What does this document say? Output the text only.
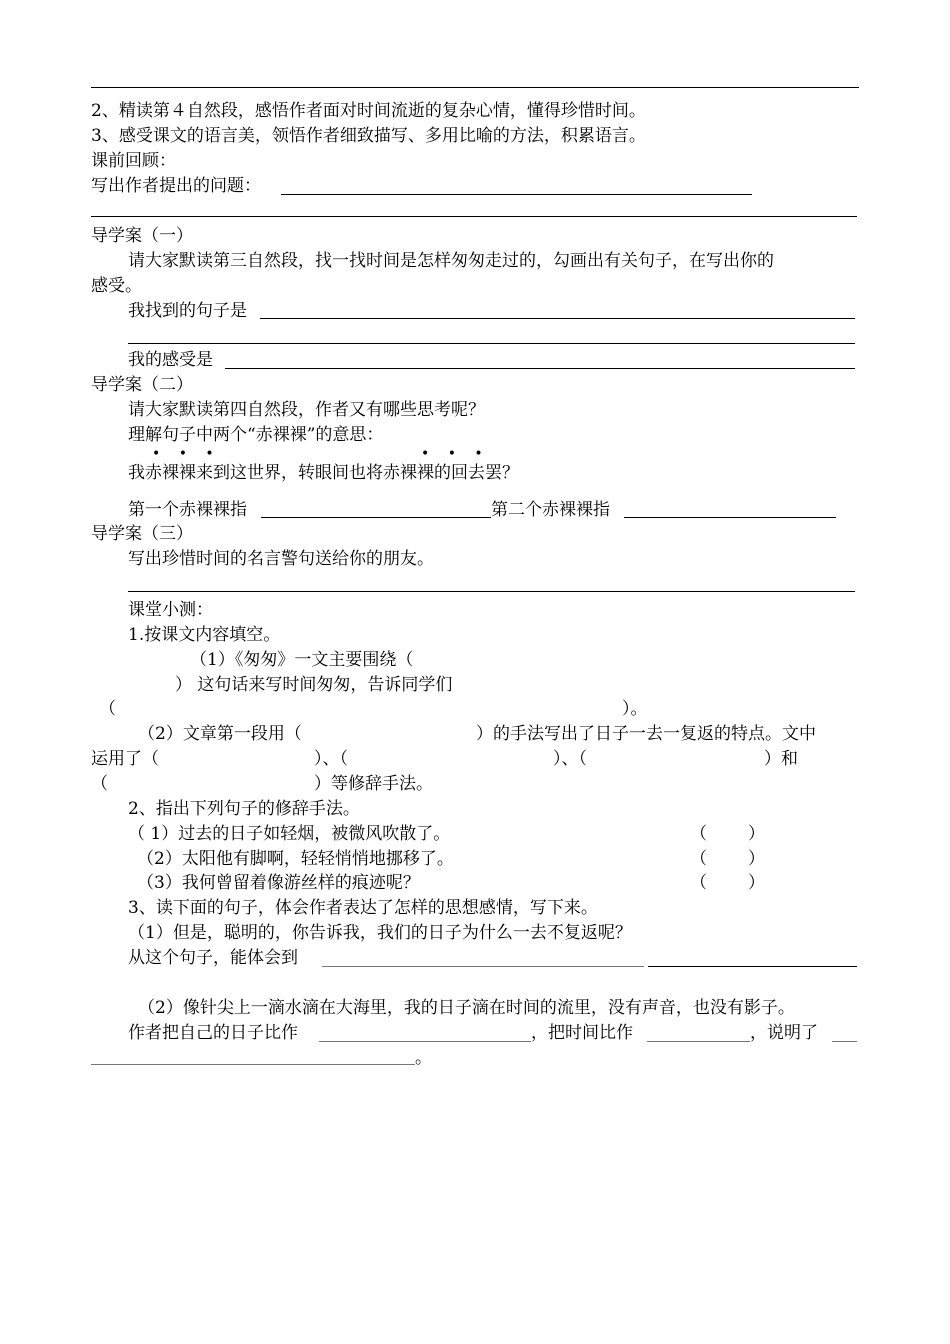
2、精读第４自然段，感悟作者面对时间流逝的复杂心情，懂得珍惜时间。
3、感受课文的语言美，领悟作者细致描写、多用比喻的方法，积累语言。
课前回顾：
写出作者提出的问题：
导学案（一）
请大家默读第三自然段，找一找时间是怎样匆匆走过的，勾画出有关句子，在写出你的
感受。
我找到的句子是
我的感受是
导学案（二）
请大家默读第四自然段，作者又有哪些思考呢？
理解句子中两个“赤裸裸”的意思：
• • •	• • •
我赤裸裸来到这世界，转眼间也将赤裸裸的回去罢？
第一个赤裸裸指	第二个赤裸裸指
导学案（三）
写出珍惜时间的名言警句送给你的朋友。
课堂小测：
1.按课文内容填空。
（1）《匆匆》一文主要围绕（
） 这句话来写时间匆匆，告诉同学们
（	）。
（2）文章第一段用（	）的手法写出了日子一去一复返的特点。文中
运用了（	）、（	）、（	）和
（	）等修辞手法。
2、指出下列句子的修辞手法。
（ 1）过去的日子如轻烟，被微风吹散了。	（ ）
（2）太阳他有脚啊，轻轻悄悄地挪移了。	（ ）
（3）我何曾留着像游丝样的痕迹呢？	（ ）
3、读下面的句子，体会作者表达了怎样的思想感情，写下来。
（1）但是，聪明的，你告诉我，我们的日子为什么一去不复返呢？
从这个句子，能体会到
（2）像针尖上一滴水滴在大海里，我的日子滴在时间的流里，没有声音，也没有影子。
作者把自己的日子比作	，把时间比作	，说明了
。
